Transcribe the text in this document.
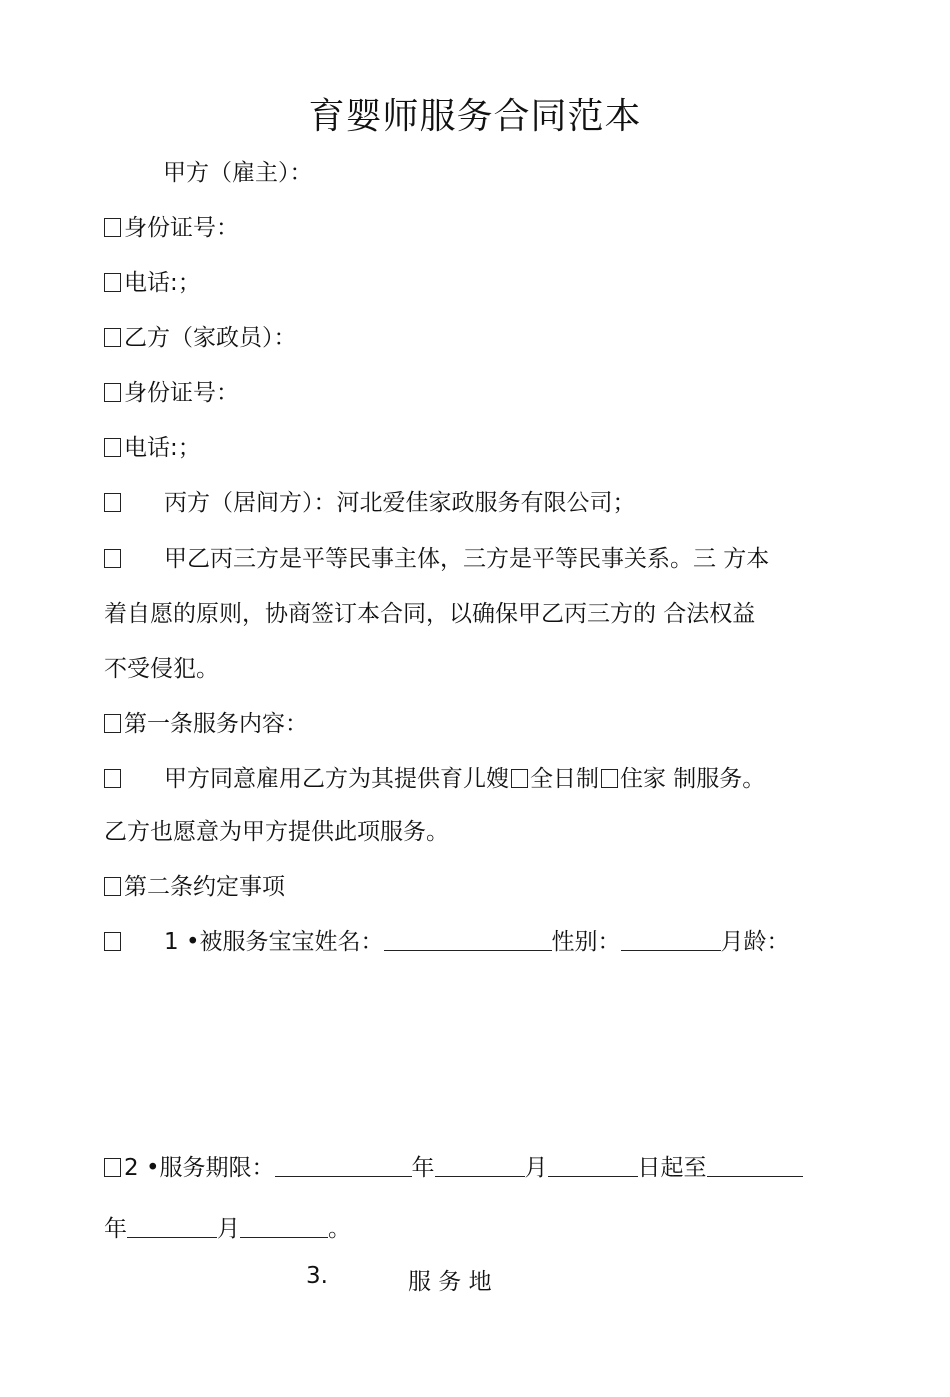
育婴师服务合同范本
甲方（雇主）：
身份证号：
电话:；
乙方（家政员）：
身份证号：
电话:；
丙方（居间方）：河北爱佳家政服务有限公司；
甲乙丙三方是平等民事主体，三方是平等民事关系。三 方本
着自愿的原则，协商签订本合同，以确保甲乙丙三方的 合法权益
不受侵犯。
第一条服务内容：
甲方同意雇用乙方为其提供育儿嫂 全日制 住家 制服务。
乙方也愿意为甲方提供此项服务。
第二条约定事项
1 •被服务宝宝姓名：	性别：	月龄：
2 •服务期限：	年	月	日起至
年	月	。
3.	服 务 地
